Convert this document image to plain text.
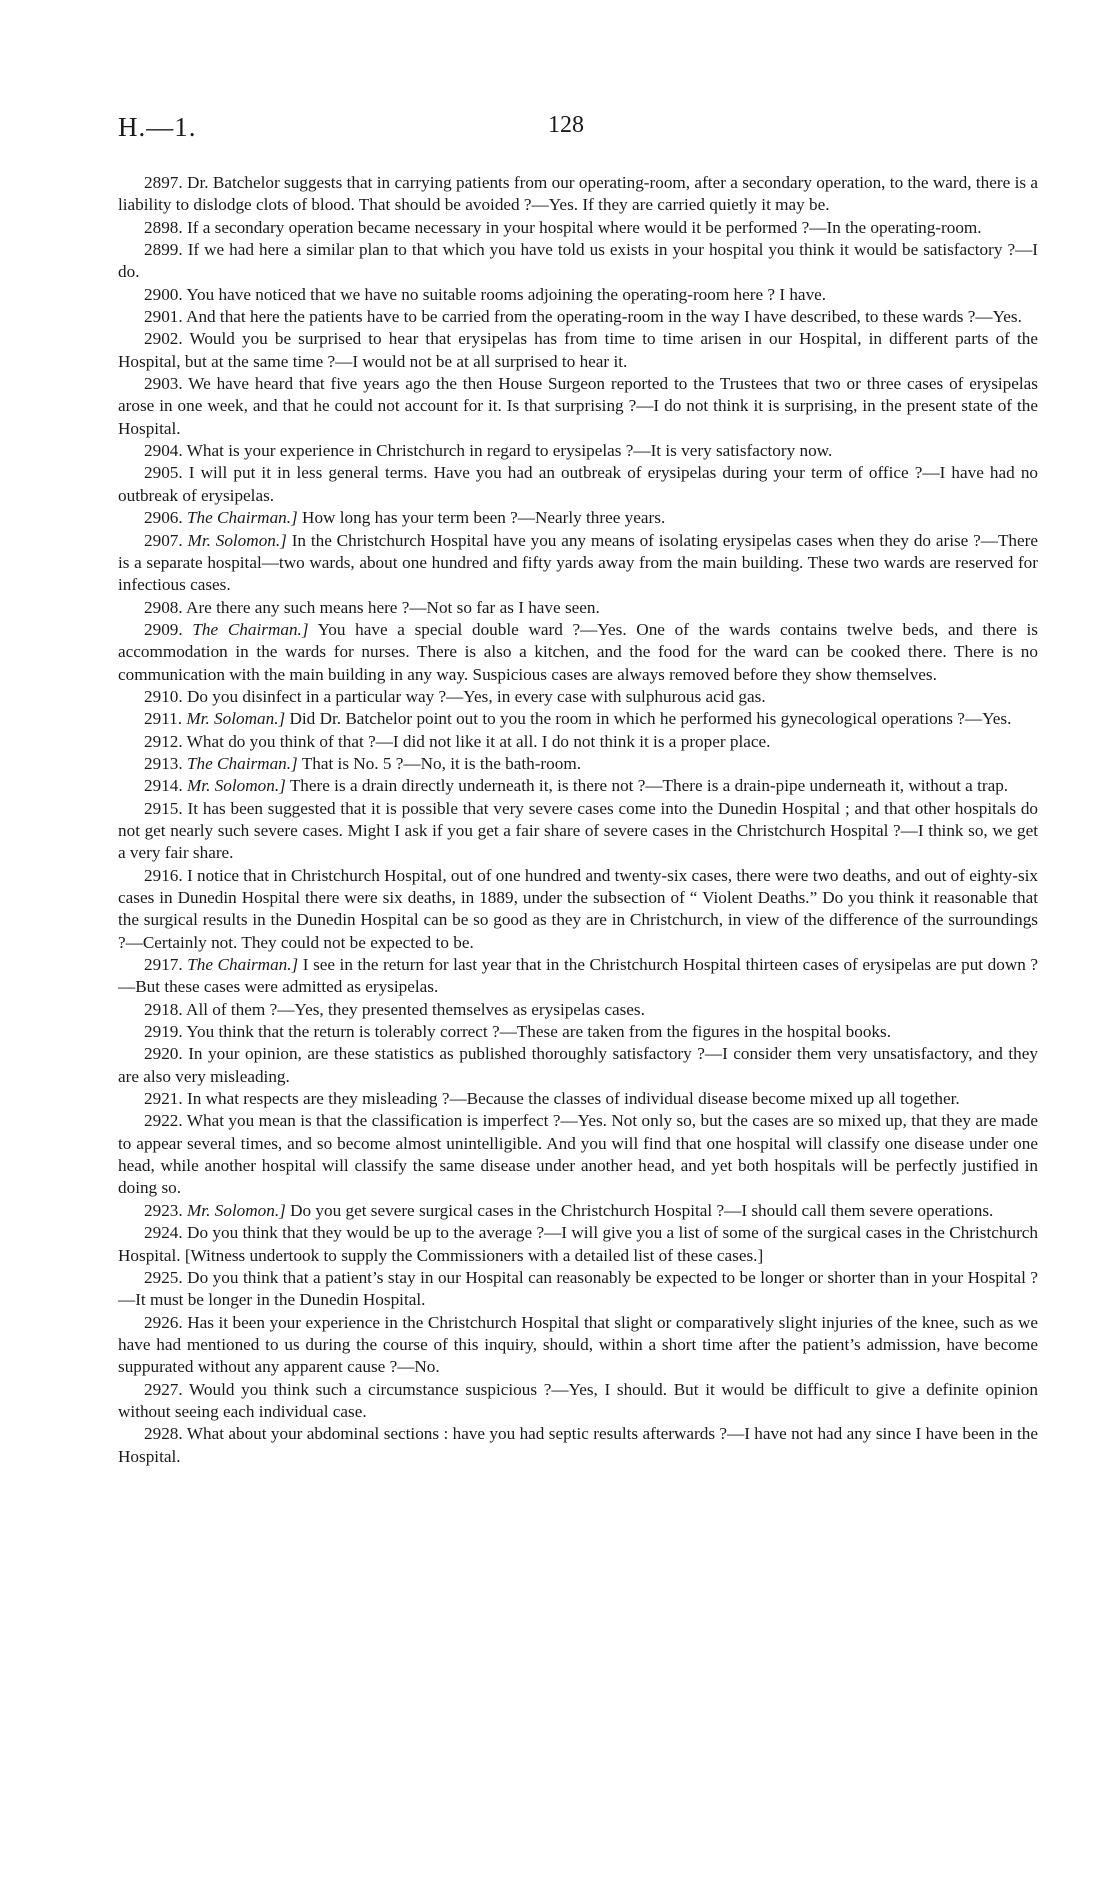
H.—1.	128

2897. Dr. Batchelor suggests that in carrying patients from our operating-room, after a secondary operation, to the ward, there is a liability to dislodge clots of blood. That should be avoided ?—Yes. If they are carried quietly it may be.

2898. If a secondary operation became necessary in your hospital where would it be performed ?—In the operating-room.

2899. If we had here a similar plan to that which you have told us exists in your hospital you think it would be satisfactory ?—I do.

2900. You have noticed that we have no suitable rooms adjoining the operating-room here ? I have.

2901. And that here the patients have to be carried from the operating-room in the way I have described, to these wards ?—Yes.

2902. Would you be surprised to hear that erysipelas has from time to time arisen in our Hospital, in different parts of the Hospital, but at the same time ?—I would not be at all surprised to hear it.

2903. We have heard that five years ago the then House Surgeon reported to the Trustees that two or three cases of erysipelas arose in one week, and that he could not account for it. Is that surprising ?—I do not think it is surprising, in the present state of the Hospital.

2904. What is your experience in Christchurch in regard to erysipelas ?—It is very satisfactory now.

2905. I will put it in less general terms. Have you had an outbreak of erysipelas during your term of office ?—I have had no outbreak of erysipelas.

2906. The Chairman.] How long has your term been ?—Nearly three years.

2907. Mr. Solomon.] In the Christchurch Hospital have you any means of isolating erysipelas cases when they do arise ?—There is a separate hospital—two wards, about one hundred and fifty yards away from the main building. These two wards are reserved for infectious cases.

2908. Are there any such means here ?—Not so far as I have seen.

2909. The Chairman.] You have a special double ward ?—Yes. One of the wards contains twelve beds, and there is accommodation in the wards for nurses. There is also a kitchen, and the food for the ward can be cooked there. There is no communication with the main building in any way. Suspicious cases are always removed before they show themselves.

2910. Do you disinfect in a particular way ?—Yes, in every case with sulphurous acid gas.

2911. Mr. Soloman.] Did Dr. Batchelor point out to you the room in which he performed his gynecological operations ?—Yes.

2912. What do you think of that ?—I did not like it at all. I do not think it is a proper place.

2913. The Chairman.] That is No. 5 ?—No, it is the bath-room.

2914. Mr. Solomon.] There is a drain directly underneath it, is there not ?—There is a drain-pipe underneath it, without a trap.

2915. It has been suggested that it is possible that very severe cases come into the Dunedin Hospital ; and that other hospitals do not get nearly such severe cases. Might I ask if you get a fair share of severe cases in the Christchurch Hospital ?—I think so, we get a very fair share.

2916. I notice that in Christchurch Hospital, out of one hundred and twenty-six cases, there were two deaths, and out of eighty-six cases in Dunedin Hospital there were six deaths, in 1889, under the subsection of “ Violent Deaths.” Do you think it reasonable that the surgical results in the Dunedin Hospital can be so good as they are in Christchurch, in view of the difference of the surroundings ?—Certainly not. They could not be expected to be.

2917. The Chairman.] I see in the return for last year that in the Christchurch Hospital thirteen cases of erysipelas are put down ?—But these cases were admitted as erysipelas.

2918. All of them ?—Yes, they presented themselves as erysipelas cases.

2919. You think that the return is tolerably correct ?—These are taken from the figures in the hospital books.

2920. In your opinion, are these statistics as published thoroughly satisfactory ?—I consider them very unsatisfactory, and they are also very misleading.

2921. In what respects are they misleading ?—Because the classes of individual disease become mixed up all together.

2922. What you mean is that the classification is imperfect ?—Yes. Not only so, but the cases are so mixed up, that they are made to appear several times, and so become almost unintelligible. And you will find that one hospital will classify one disease under one head, while another hospital will classify the same disease under another head, and yet both hospitals will be perfectly justified in doing so.

2923. Mr. Solomon.] Do you get severe surgical cases in the Christchurch Hospital ?—I should call them severe operations.

2924. Do you think that they would be up to the average ?—I will give you a list of some of the surgical cases in the Christchurch Hospital. [Witness undertook to supply the Commissioners with a detailed list of these cases.]

2925. Do you think that a patient’s stay in our Hospital can reasonably be expected to be longer or shorter than in your Hospital ?—It must be longer in the Dunedin Hospital.

2926. Has it been your experience in the Christchurch Hospital that slight or comparatively slight injuries of the knee, such as we have had mentioned to us during the course of this inquiry, should, within a short time after the patient’s admission, have become suppurated without any apparent cause ?—No.

2927. Would you think such a circumstance suspicious ?—Yes, I should. But it would be difficult to give a definite opinion without seeing each individual case.

2928. What about your abdominal sections : have you had septic results afterwards ?—I have not had any since I have been in the Hospital.
